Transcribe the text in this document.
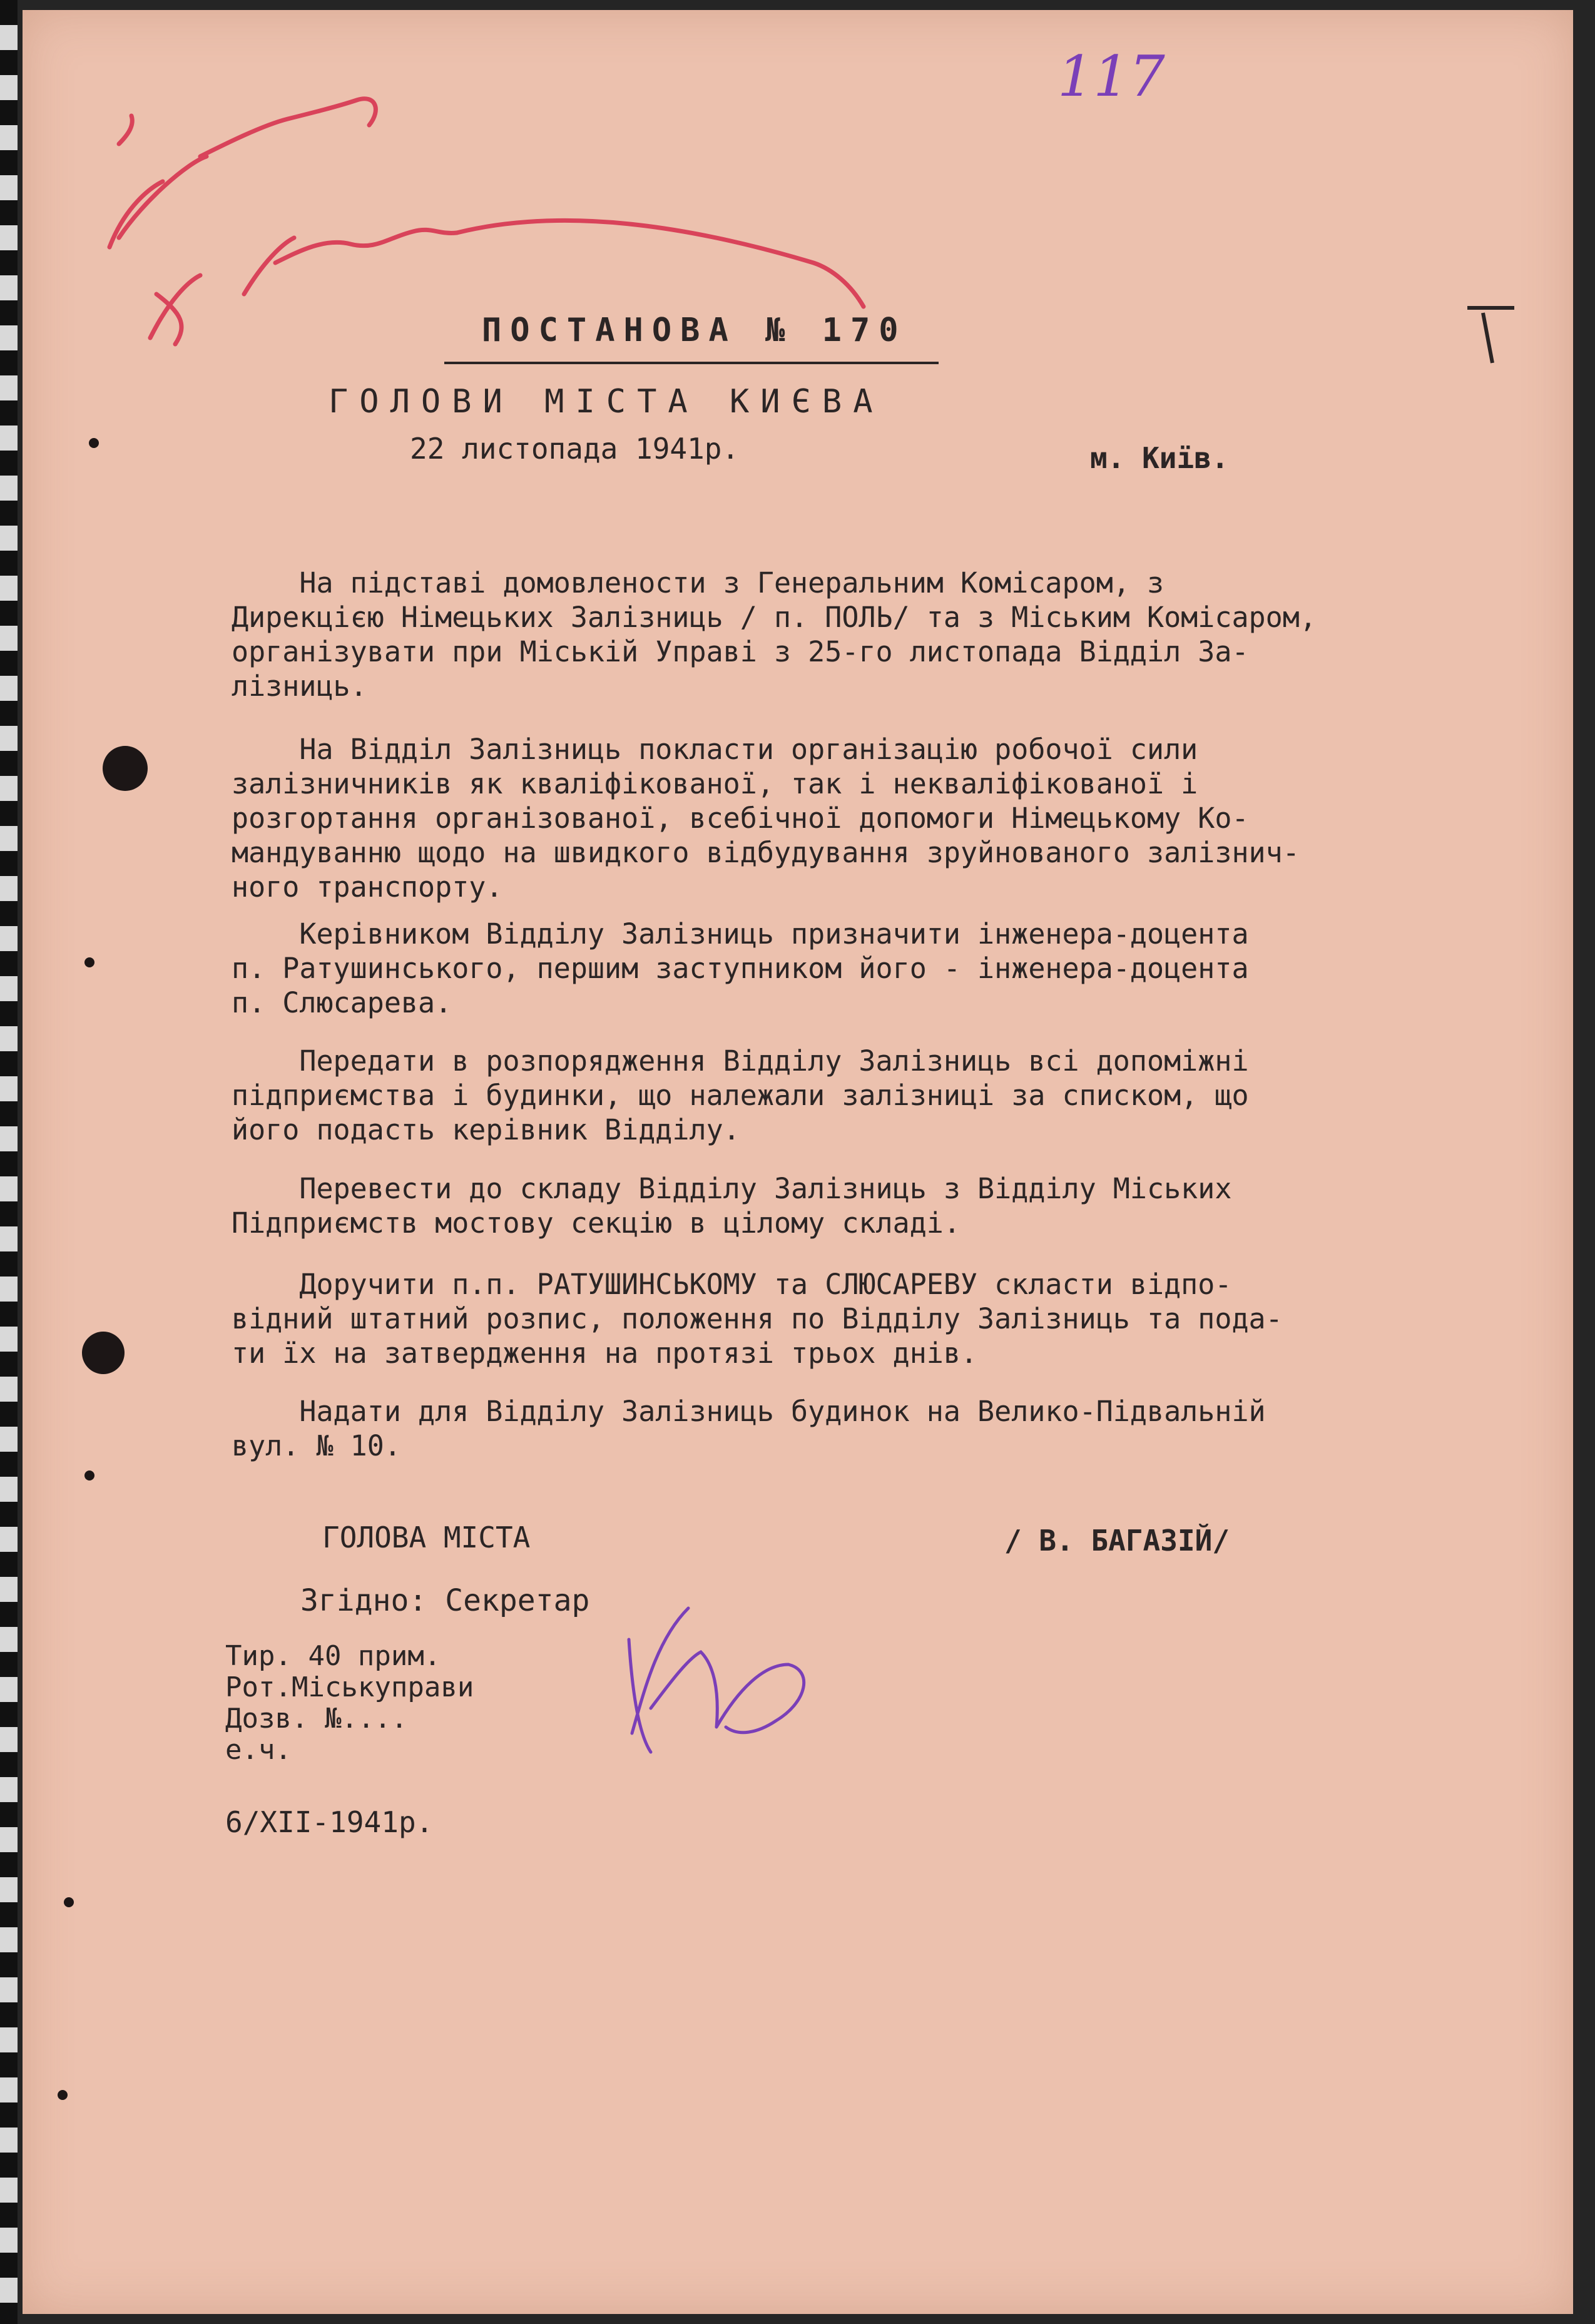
117
ПОСТАНОВА № 170
ГОЛОВИ МІСТА КИЄВА
22 листопада 1941р.	м. Київ.
На підставі домовлености з Генеральним Комісаром, з
Дирекцією Німецьких Залізниць / п. ПОЛЬ/ та з Міським Комісаром,
організувати при Міській Управі з 25-го листопада Відділ За-
лізниць.
На Відділ Залізниць покласти організацію робочої сили
залізничників як кваліфікованої, так і некваліфікованої і
розгортання організованої, всебічної допомоги Німецькому Ко-
мандуванню щодо на швидкого відбудування зруйнованого залізнич-
ного транспорту.
Керівником Відділу Залізниць призначити інженера-доцента
п. Ратушинського, першим заступником його - інженера-доцента
п. Слюсарева.
Передати в розпорядження Відділу Залізниць всі допоміжні
підприємства і будинки, що належали залізниці за списком, що
його подасть керівник Відділу.
Перевести до складу Відділу Залізниць з Відділу Міських
Підприємств мостову секцію в цілому складі.
Доручити п.п. РАТУШИНСЬКОМУ та СЛЮСАРЕВУ скласти відпо-
відний штатний розпис, положення по Відділу Залізниць та пода-
ти їх на затвердження на протязі трьох днів.
Надати для Відділу Залізниць будинок на Велико-Підвальній
вул. № 10.
ГОЛОВА МІСТА	/ В. БАГАЗІЙ/
Згідно: Секретар
Тир. 40 прим.
Рот.Міськуправи
Дозв. №....
е.ч.
6/XII-1941р.
